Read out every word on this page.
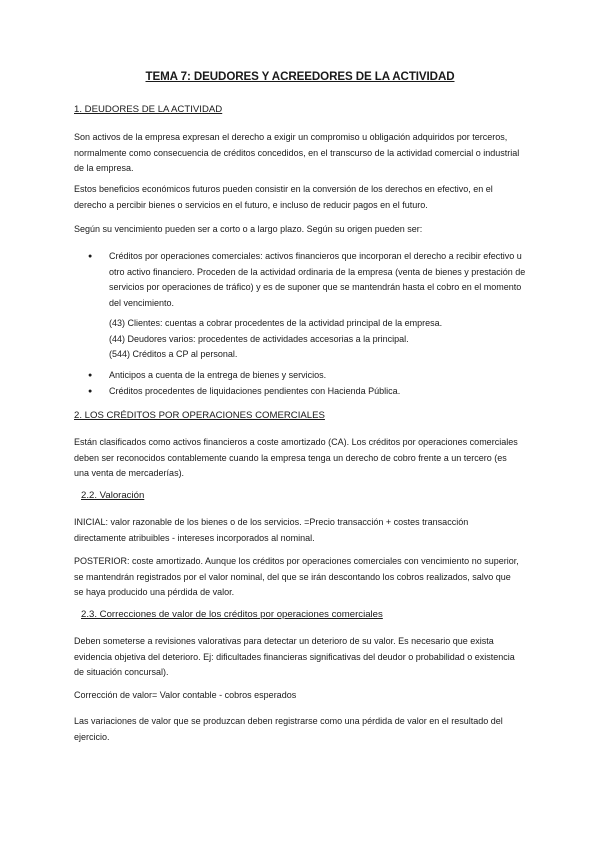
TEMA 7: DEUDORES Y ACREEDORES DE LA ACTIVIDAD
1. DEUDORES DE LA ACTIVIDAD
Son activos de la empresa expresan el derecho a exigir un compromiso u obligación adquiridos por terceros, normalmente como consecuencia de créditos concedidos, en el transcurso de la actividad comercial o industrial de la empresa.
Estos beneficios económicos futuros pueden consistir en la conversión de los derechos en efectivo, en el derecho a percibir bienes o servicios en el futuro, e incluso de reducir pagos en el futuro.
Según su vencimiento pueden ser a corto o a largo plazo. Según su origen pueden ser:
● Créditos por operaciones comerciales: activos financieros que incorporan el derecho a recibir efectivo u otro activo financiero. Proceden de la actividad ordinaria de la empresa (venta de bienes y prestación de servicios por operaciones de tráfico) y es de suponer que se mantendrán hasta el cobro en el momento del vencimiento.
(43) Clientes: cuentas a cobrar procedentes de la actividad principal de la empresa.
(44) Deudores varios: procedentes de actividades accesorias a la principal.
(544) Créditos a CP al personal.
● Anticipos a cuenta de la entrega de bienes y servicios.
● Créditos procedentes de liquidaciones pendientes con Hacienda Pública.
2. LOS CRÉDITOS POR OPERACIONES COMERCIALES
Están clasificados como activos financieros a coste amortizado (CA). Los créditos por operaciones comerciales deben ser reconocidos contablemente cuando la empresa tenga un derecho de cobro frente a un tercero (es una venta de mercaderías).
2.2. Valoración
INICIAL: valor razonable de los bienes o de los servicios. =Precio transacción + costes transacción directamente atribuibles - intereses incorporados al nominal.
POSTERIOR: coste amortizado. Aunque los créditos por operaciones comerciales con vencimiento no superior, se mantendrán registrados por el valor nominal, del que se irán descontando los cobros realizados, salvo que se haya producido una pérdida de valor.
2.3. Correcciones de valor de los créditos por operaciones comerciales
Deben someterse a revisiones valorativas para detectar un deterioro de su valor. Es necesario que exista evidencia objetiva del deterioro. Ej: dificultades financieras significativas del deudor o probabilidad o existencia de situación concursal).
Corrección de valor= Valor contable - cobros esperados
Las variaciones de valor que se produzcan deben registrarse como una pérdida de valor en el resultado del ejercicio.
